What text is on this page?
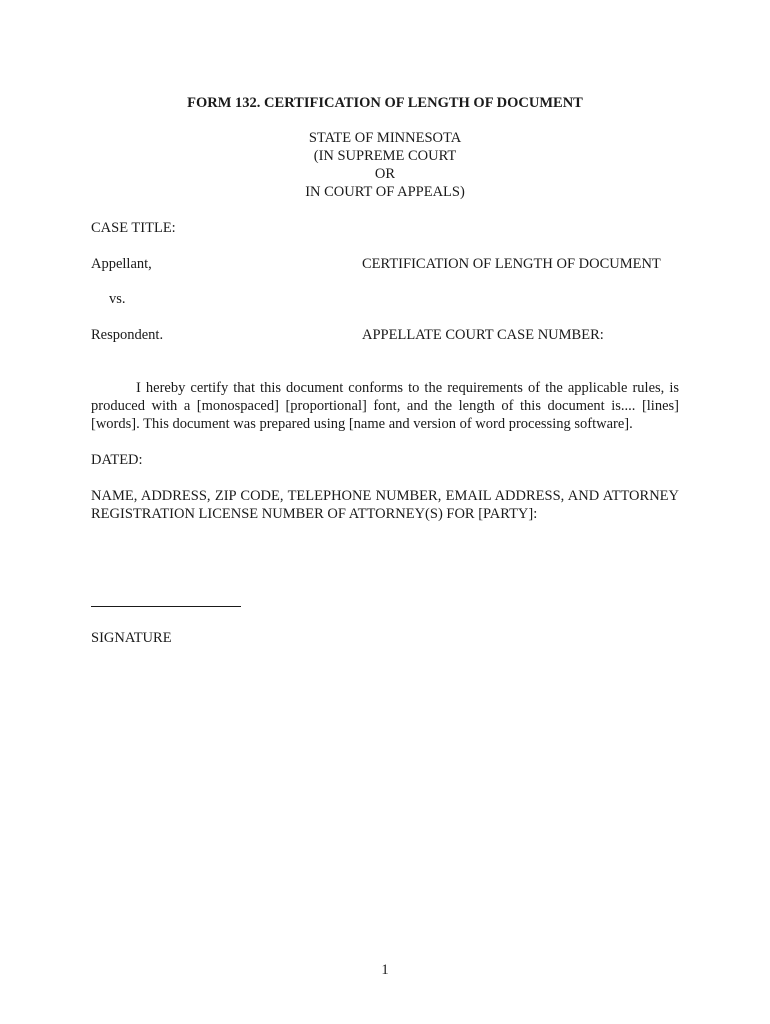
FORM 132. CERTIFICATION OF LENGTH OF DOCUMENT
STATE OF MINNESOTA
(IN SUPREME COURT
OR
IN COURT OF APPEALS)
CASE TITLE:
Appellant,	CERTIFICATION OF LENGTH OF DOCUMENT
vs.
Respondent.	APPELLATE COURT CASE NUMBER:
I hereby certify that this document conforms to the requirements of the applicable rules, is produced with a [monospaced] [proportional] font, and the length of this document is.... [lines] [words]. This document was prepared using [name and version of word processing software].
DATED:
NAME, ADDRESS, ZIP CODE, TELEPHONE NUMBER, EMAIL ADDRESS, AND ATTORNEY REGISTRATION LICENSE NUMBER OF ATTORNEY(S) FOR [PARTY]:
SIGNATURE
1
